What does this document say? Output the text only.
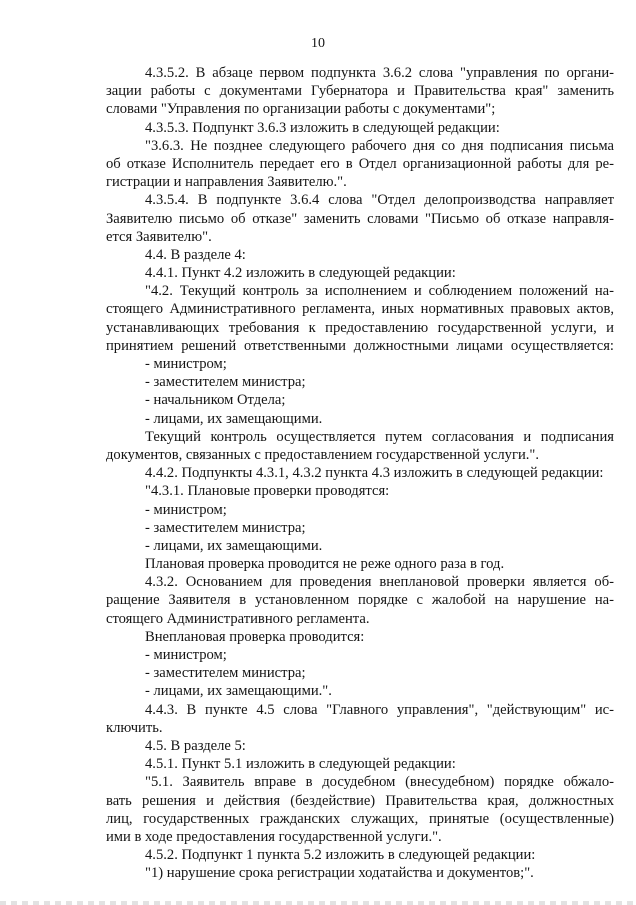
10
4.3.5.2. В абзаце первом подпункта 3.6.2 слова "управления по органи-
зации работы с документами Губернатора и Правительства края" заменить
словами "Управления по организации работы с документами";
4.3.5.3. Подпункт 3.6.3 изложить в следующей редакции:
"3.6.3. Не позднее следующего рабочего дня со дня подписания письма
об отказе Исполнитель передает его в Отдел организационной работы для ре-
гистрации и направления Заявителю.".
4.3.5.4. В подпункте 3.6.4 слова "Отдел делопроизводства направляет
Заявителю письмо об отказе" заменить словами "Письмо об отказе направля-
ется Заявителю".
4.4. В разделе 4:
4.4.1. Пункт 4.2 изложить в следующей редакции:
"4.2. Текущий контроль за исполнением и соблюдением положений на-
стоящего Административного регламента, иных нормативных правовых актов,
устанавливающих требования к предоставлению государственной услуги, и
принятием решений ответственными должностными лицами осуществляется:
- министром;
- заместителем министра;
- начальником Отдела;
- лицами, их замещающими.
Текущий контроль осуществляется путем согласования и подписания
документов, связанных с предоставлением государственной услуги.".
4.4.2. Подпункты 4.3.1, 4.3.2 пункта 4.3 изложить в следующей редакции:
"4.3.1. Плановые проверки проводятся:
- министром;
- заместителем министра;
- лицами, их замещающими.
Плановая проверка проводится не реже одного раза в год.
4.3.2. Основанием для проведения внеплановой проверки является об-
ращение Заявителя в установленном порядке с жалобой на нарушение на-
стоящего Административного регламента.
Внеплановая проверка проводится:
- министром;
- заместителем министра;
- лицами, их замещающими.".
4.4.3. В пункте 4.5 слова "Главного управления", "действующим" ис-
ключить.
4.5. В разделе 5:
4.5.1. Пункт 5.1 изложить в следующей редакции:
"5.1. Заявитель вправе в досудебном (внесудебном) порядке обжало-
вать решения и действия (бездействие) Правительства края, должностных
лиц, государственных гражданских служащих, принятые (осуществленные)
ими в ходе предоставления государственной услуги.".
4.5.2. Подпункт 1 пункта 5.2 изложить в следующей редакции:
"1) нарушение срока регистрации ходатайства и документов;".
